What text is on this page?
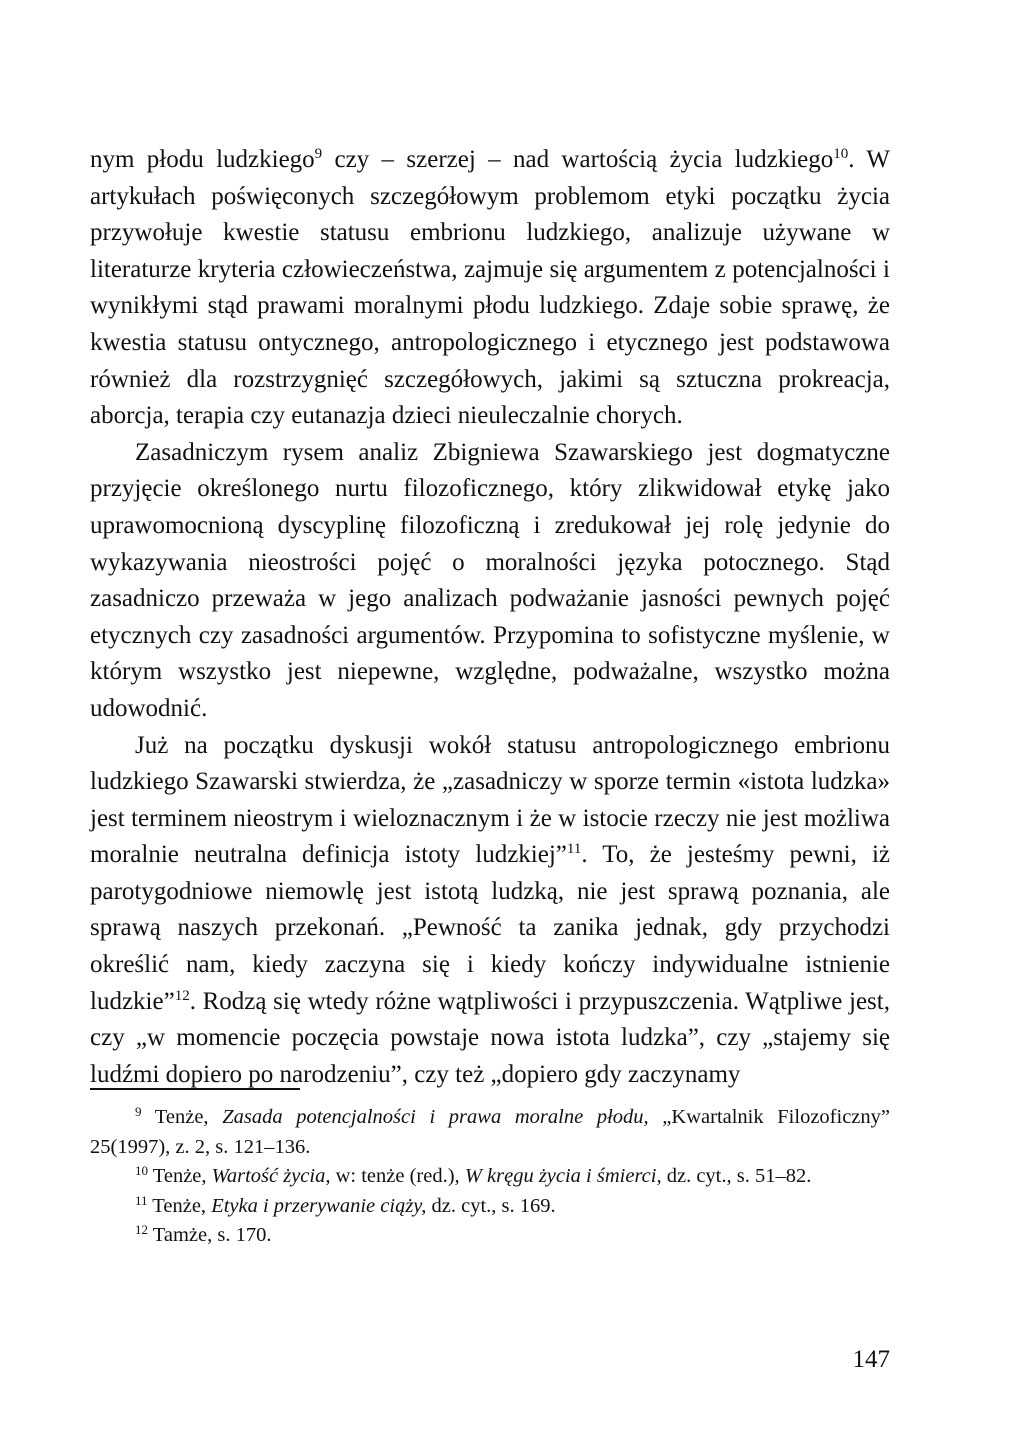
nym płodu ludzkiego$^9$ czy – szerzej – nad wartością życia ludzkiego$^{10}$. W artykułach poświęconych szczegółowym problemom etyki początku życia przywołuje kwestie statusu embrionu ludzkiego, analizuje używane w literaturze kryteria człowieczeństwa, zajmuje się argumentem z potencjalności i wynikłymi stąd prawami moralnymi płodu ludzkiego. Zdaje sobie sprawę, że kwestia statusu ontycznego, antropologicznego i etycznego jest podstawowa również dla rozstrzygnięć szczegółowych, jakimi są sztuczna prokreacja, aborcja, terapia czy eutanazja dzieci nieuleczalnie chorych.

Zasadniczym rysem analiz Zbigniewa Szawarskiego jest dogmatyczne przyjęcie określonego nurtu filozoficznego, który zlikwidował etykę jako uprawomocnioną dyscyplinę filozoficzną i zredukował jej rolę jedynie do wykazywania nieostrości pojęć o moralności języka potocznego. Stąd zasadniczo przeważa w jego analizach podważanie jasności pewnych pojęć etycznych czy zasadności argumentów. Przypomina to sofistyczne myślenie, w którym wszystko jest niepewne, względne, podważalne, wszystko można udowodnić.

Już na początku dyskusji wokół statusu antropologicznego embrionu ludzkiego Szawarski stwierdza, że „zasadniczy w sporze termin «istota ludzka» jest terminem nieostrym i wieloznacznym i że w istocie rzeczy nie jest możliwa moralnie neutralna definicja istoty ludzkiej”$^{11}$. To, że jesteśmy pewni, iż parotygodniowe niemowlę jest istotą ludzką, nie jest sprawą poznania, ale sprawą naszych przekonań. „Pewność ta zanika jednak, gdy przychodzi określić nam, kiedy zaczyna się i kiedy kończy indywidualne istnienie ludzkie”$^{12}$. Rodzą się wtedy różne wątpliwości i przypuszczenia. Wątpliwe jest, czy „w momencie poczęcia powstaje nowa istota ludzka”, czy „stajemy się ludźmi dopiero po narodzeniu”, czy też „dopiero gdy zaczynamy

$^9$ Tenże, Zasada potencjalności i prawa moralne płodu, „Kwartalnik Filozoficzny” 25(1997), z. 2, s. 121–136.

$^{10}$ Tenże, Wartość życia, w: tenże (red.), W kręgu życia i śmierci, dz. cyt., s. 51–82.

$^{11}$ Tenże, Etyka i przerywanie ciąży, dz. cyt., s. 169.

$^{12}$ Tamże, s. 170.

147
